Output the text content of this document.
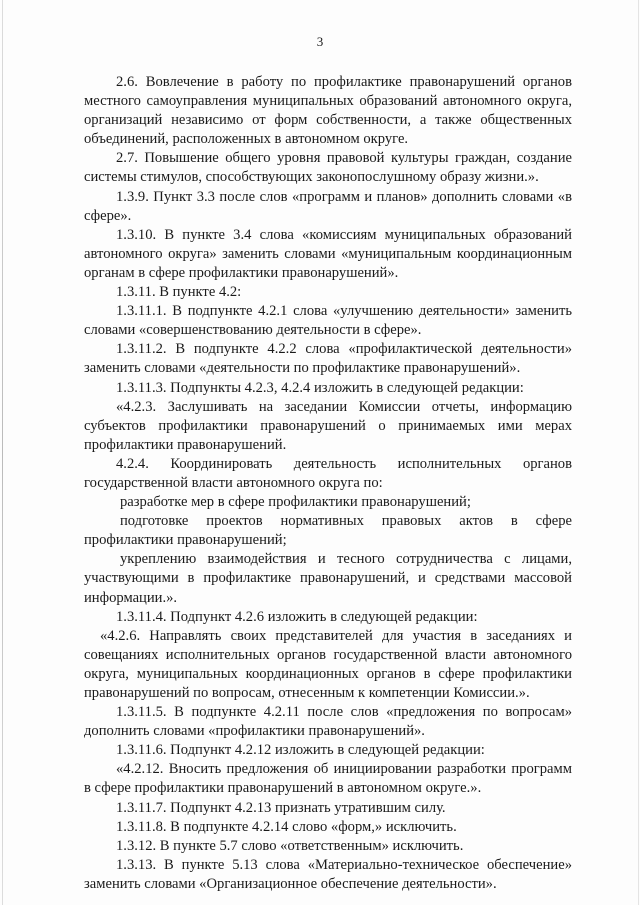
3

2.6. Вовлечение в работу по профилактике правонарушений органов местного самоуправления муниципальных образований автономного округа, организаций независимо от форм собственности, а также общественных объединений, расположенных в автономном округе.

2.7. Повышение общего уровня правовой культуры граждан, создание системы стимулов, способствующих законопослушному образу жизни.».

1.3.9. Пункт 3.3 после слов «программ и планов» дополнить словами «в сфере».

1.3.10. В пункте 3.4 слова «комиссиям муниципальных образований автономного округа» заменить словами «муниципальным координационным органам в сфере профилактики правонарушений».

1.3.11. В пункте 4.2:

1.3.11.1. В подпункте 4.2.1 слова «улучшению деятельности» заменить словами «совершенствованию деятельности в сфере».

1.3.11.2. В подпункте 4.2.2 слова «профилактической деятельности» заменить словами «деятельности по профилактике правонарушений».

1.3.11.3. Подпункты 4.2.3, 4.2.4 изложить в следующей редакции:

«4.2.3. Заслушивать на заседании Комиссии отчеты, информацию субъектов профилактики правонарушений о принимаемых ими мерах профилактики правонарушений.

4.2.4. Координировать деятельность исполнительных органов государственной власти автономного округа по:

разработке мер в сфере профилактики правонарушений;

подготовке проектов нормативных правовых актов в сфере профилактики правонарушений;

укреплению взаимодействия и тесного сотрудничества с лицами, участвующими в профилактике правонарушений, и средствами массовой информации.».

1.3.11.4. Подпункт 4.2.6 изложить в следующей редакции:

«4.2.6. Направлять своих представителей для участия в заседаниях и совещаниях исполнительных органов государственной власти автономного округа, муниципальных координационных органов в сфере профилактики правонарушений по вопросам, отнесенным к компетенции Комиссии.».

1.3.11.5. В подпункте 4.2.11 после слов «предложения по вопросам» дополнить словами «профилактики правонарушений».

1.3.11.6. Подпункт 4.2.12 изложить в следующей редакции:

«4.2.12. Вносить предложения об инициировании разработки программ в сфере профилактики правонарушений в автономном округе.».

1.3.11.7. Подпункт 4.2.13 признать утратившим силу.

1.3.11.8. В подпункте 4.2.14 слово «форм,» исключить.

1.3.12. В пункте 5.7 слово «ответственным» исключить.

1.3.13. В пункте 5.13 слова «Материально-техническое обеспечение» заменить словами «Организационное обеспечение деятельности».
